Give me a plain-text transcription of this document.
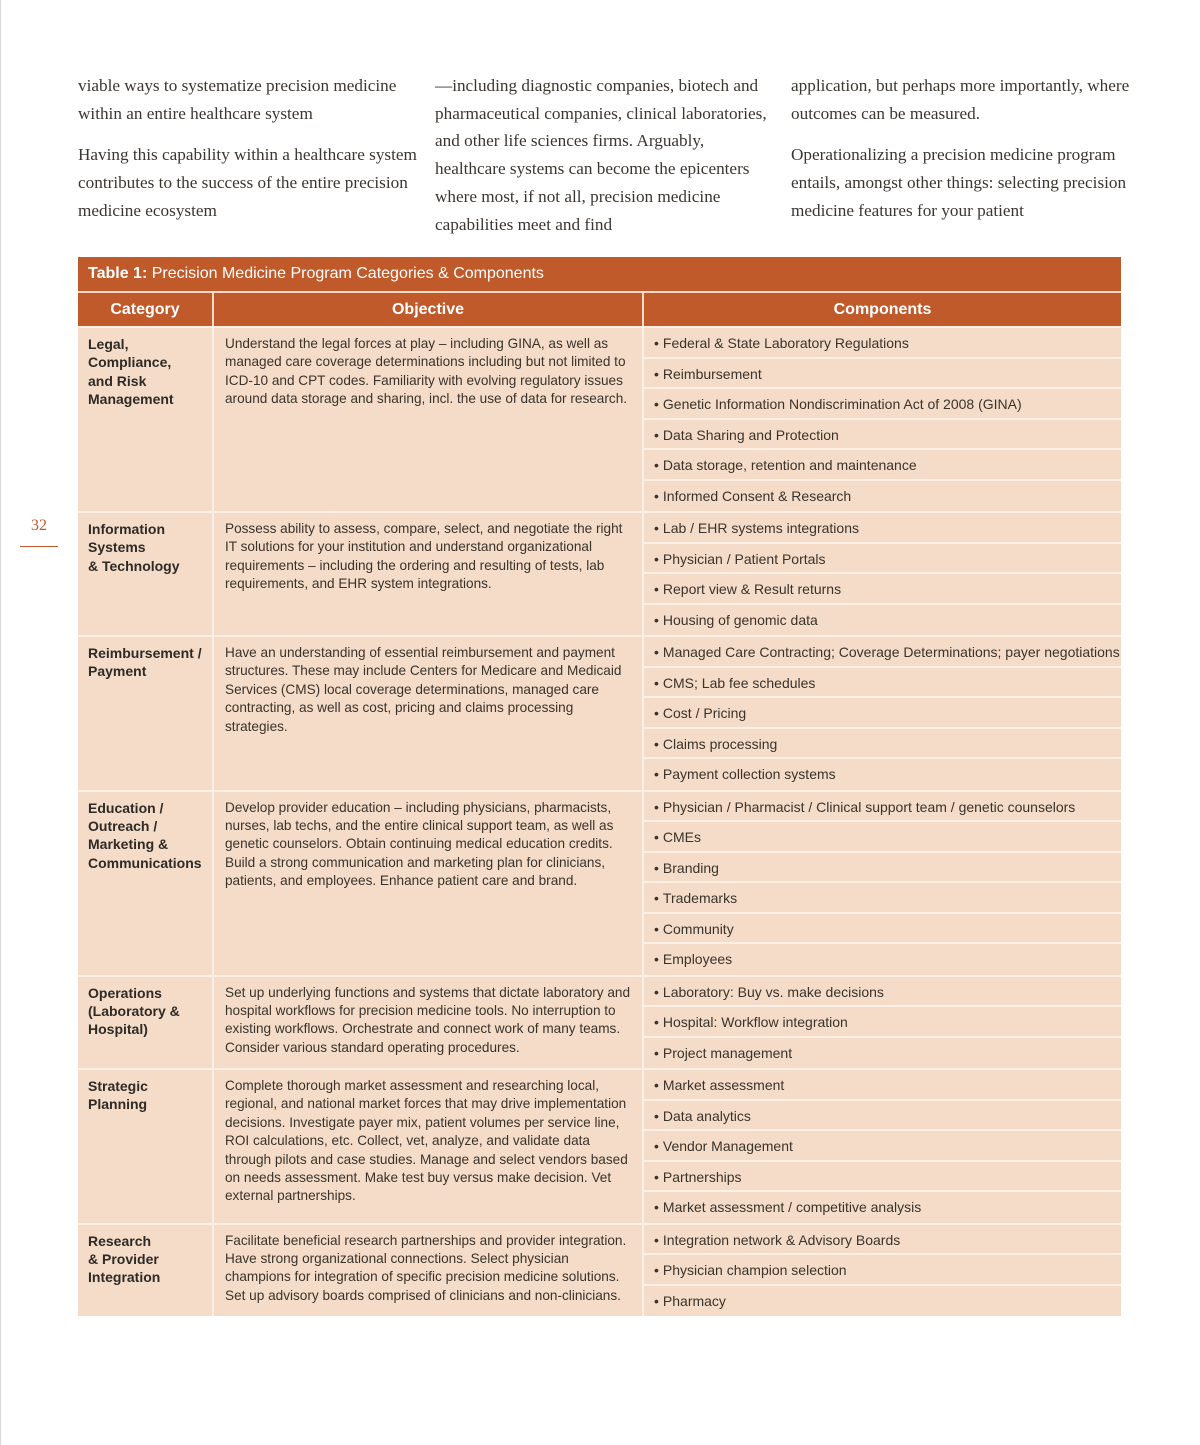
viable ways to systematize precision medicine within an entire healthcare system

Having this capability within a healthcare system contributes to the success of the entire precision medicine ecosystem

—including diagnostic companies, biotech and pharmaceutical companies, clinical laboratories, and other life sciences firms. Arguably, healthcare systems can become the epicenters where most, if not all, precision medicine capabilities meet and find

application, but perhaps more importantly, where outcomes can be measured.

Operationalizing a precision medicine program entails, amongst other things: selecting precision medicine features for your patient

32
Table 1: Precision Medicine Program Categories & Components
Category	Objective	Components
Legal,
Compliance,
and Risk
Management
Understand the legal forces at play – including GINA, as well as managed care coverage determinations including but not limited to ICD-10 and CPT codes. Familiarity with evolving regulatory issues around data storage and sharing, incl. the use of data for research.
• Federal & State Laboratory Regulations
• Reimbursement
• Genetic Information Nondiscrimination Act of 2008 (GINA)
• Data Sharing and Protection
• Data storage, retention and maintenance
• Informed Consent & Research
Information
Systems
& Technology
Possess ability to assess, compare, select, and negotiate the right IT solutions for your institution and understand organizational requirements – including the ordering and resulting of tests, lab requirements, and EHR system integrations.
• Lab / EHR systems integrations
• Physician / Patient Portals
• Report view & Result returns
• Housing of genomic data
Reimbursement /
Payment
Have an understanding of essential reimbursement and payment structures. These may include Centers for Medicare and Medicaid Services (CMS) local coverage determinations, managed care contracting, as well as cost, pricing and claims processing strategies.
• Managed Care Contracting; Coverage Determinations; payer negotiations
• CMS; Lab fee schedules
• Cost / Pricing
• Claims processing
• Payment collection systems
Education /
Outreach /
Marketing &
Communications
Develop provider education – including physicians, pharmacists, nurses, lab techs, and the entire clinical support team, as well as genetic counselors. Obtain continuing medical education credits. Build a strong communication and marketing plan for clinicians, patients, and employees. Enhance patient care and brand.
• Physician / Pharmacist / Clinical support team / genetic counselors
• CMEs
• Branding
• Trademarks
• Community
• Employees
Operations
(Laboratory &
Hospital)
Set up underlying functions and systems that dictate laboratory and hospital workflows for precision medicine tools. No interruption to existing workflows. Orchestrate and connect work of many teams. Consider various standard operating procedures.
• Laboratory: Buy vs. make decisions
• Hospital: Workflow integration
• Project management
Strategic
Planning
Complete thorough market assessment and researching local, regional, and national market forces that may drive implementation decisions. Investigate payer mix, patient volumes per service line, ROI calculations, etc. Collect, vet, analyze, and validate data through pilots and case studies. Manage and select vendors based on needs assessment. Make test buy versus make decision. Vet external partnerships.
• Market assessment
• Data analytics
• Vendor Management
• Partnerships
• Market assessment / competitive analysis
Research
& Provider
Integration
Facilitate beneficial research partnerships and provider integration. Have strong organizational connections. Select physician champions for integration of specific precision medicine solutions. Set up advisory boards comprised of clinicians and non-clinicians.
• Integration network & Advisory Boards
• Physician champion selection
• Pharmacy
